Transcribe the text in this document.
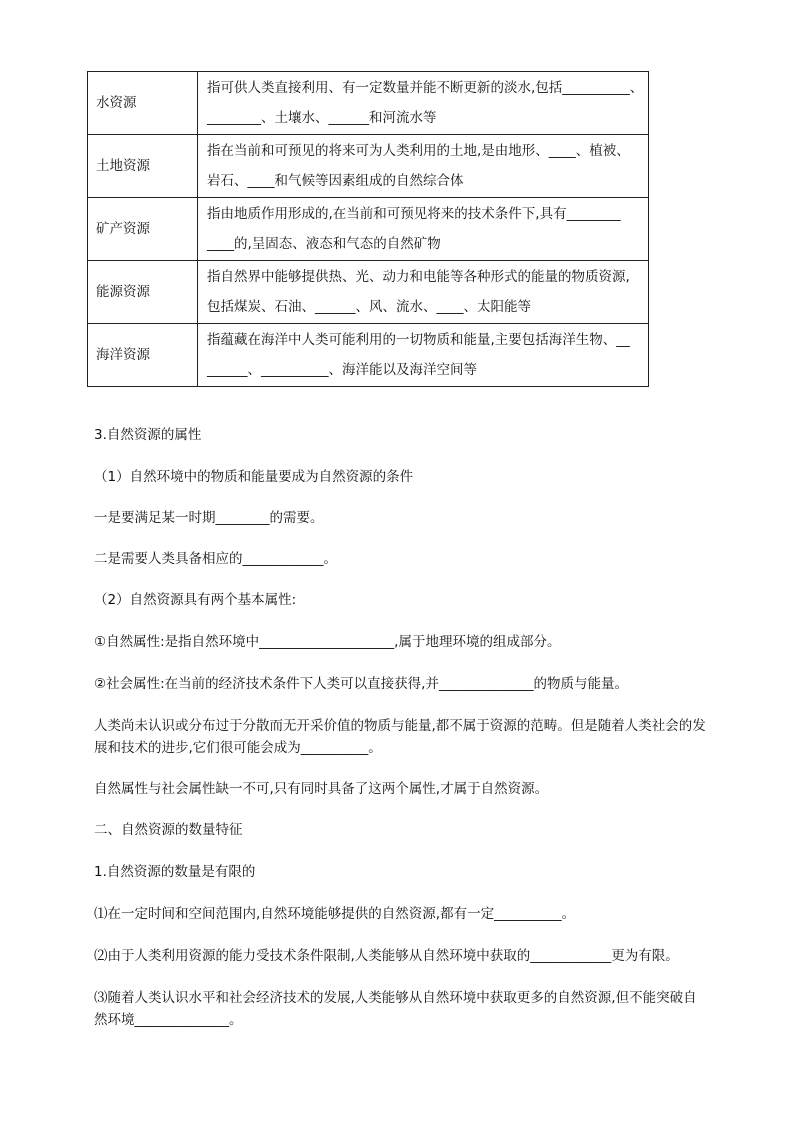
水资源	指可供人类直接利用、有一定数量并能不断更新的淡水,包括__________、
________、土壤水、______和河流水等

土地资源	指在当前和可预见的将来可为人类利用的土地,是由地形、____、植被、
岩石、____和气候等因素组成的自然综合体

矿产资源	指由地质作用形成的,在当前和可预见将来的技术条件下,具有________
____的,呈固态、液态和气态的自然矿物

能源资源	指自然界中能够提供热、光、动力和电能等各种形式的能量的物质资源,
包括煤炭、石油、______、风、流水、____、太阳能等

海洋资源	指蕴藏在海洋中人类可能利用的一切物质和能量,主要包括海洋生物、__
______、__________、海洋能以及海洋空间等
3.自然资源的属性
（1）自然环境中的物质和能量要成为自然资源的条件
一是要满足某一时期________的需要。
二是需要人类具备相应的____________。
（2）自然资源具有两个基本属性:
①自然属性:是指自然环境中____________________,属于地理环境的组成部分。
②社会属性:在当前的经济技术条件下人类可以直接获得,并______________的物质与能量。
人类尚未认识或分布过于分散而无开采价值的物质与能量,都不属于资源的范畴。但是随着人类社会的发展和技术的进步,它们很可能会成为__________。
自然属性与社会属性缺一不可,只有同时具备了这两个属性,才属于自然资源。
二、自然资源的数量特征
1.自然资源的数量是有限的
⑴在一定时间和空间范围内,自然环境能够提供的自然资源,都有一定__________。
⑵由于人类利用资源的能力受技术条件限制,人类能够从自然环境中获取的____________更为有限。
⑶随着人类认识水平和社会经济技术的发展,人类能够从自然环境中获取更多的自然资源,但不能突破自然环境______________。
